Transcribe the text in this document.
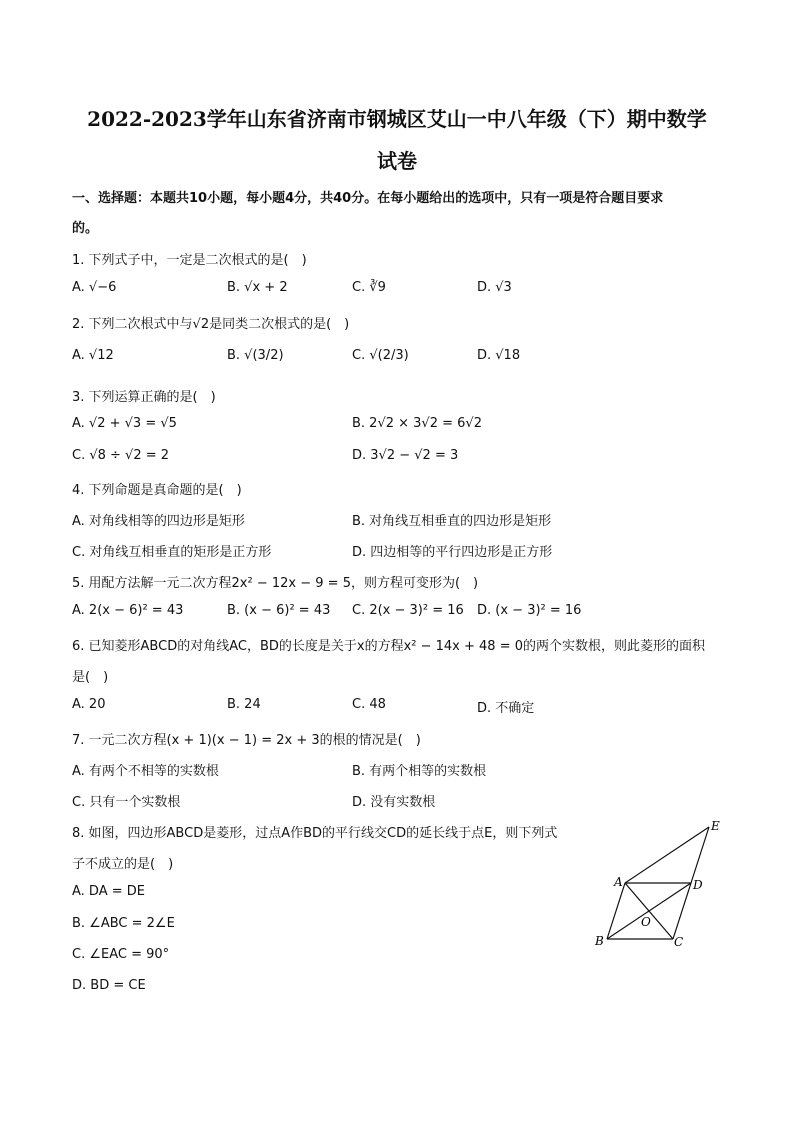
2022-2023学年山东省济南市钢城区艾山一中八年级（下）期中数学
试卷
一、选择题：本题共10小题，每小题4分，共40分。在每小题给出的选项中，只有一项是符合题目要求
的。
1. 下列式子中，一定是二次根式的是(　)
A. √−6	B. √x + 2	C. ∛9	D. √3
2. 下列二次根式中与√2是同类二次根式的是(　)
A. √12	B. √(3/2)	C. √(2/3)	D. √18
3. 下列运算正确的是(　)
A. √2 + √3 = √5	B. 2√2 × 3√2 = 6√2
C. √8 ÷ √2 = 2	D. 3√2 − √2 = 3
4. 下列命题是真命题的是(　)
A. 对角线相等的四边形是矩形	B. 对角线互相垂直的四边形是矩形
C. 对角线互相垂直的矩形是正方形	D. 四边相等的平行四边形是正方形
5. 用配方法解一元二次方程2x² − 12x − 9 = 5，则方程可变形为(　)
A. 2(x − 6)² = 43	B. (x − 6)² = 43 C. 2(x − 3)² = 16 D. (x − 3)² = 16
6. 已知菱形ABCD的对角线AC，BD的长度是关于x的方程x² − 14x + 48 = 0的两个实数根，则此菱形的面积
是(　)
A. 20	B. 24	C. 48	D. 不确定
7. 一元二次方程(x + 1)(x − 1) = 2x + 3的根的情况是(　)
A. 有两个不相等的实数根	B. 有两个相等的实数根
C. 只有一个实数根	D. 没有实数根
8. 如图，四边形ABCD是菱形，过点A作BD的平行线交CD的延长线于点E，则下列式
子不成立的是(　)
A. DA = DE
B. ∠ABC = 2∠E
C. ∠EAC = 90°
D. BD = CE
A
B	C
D
E
O
